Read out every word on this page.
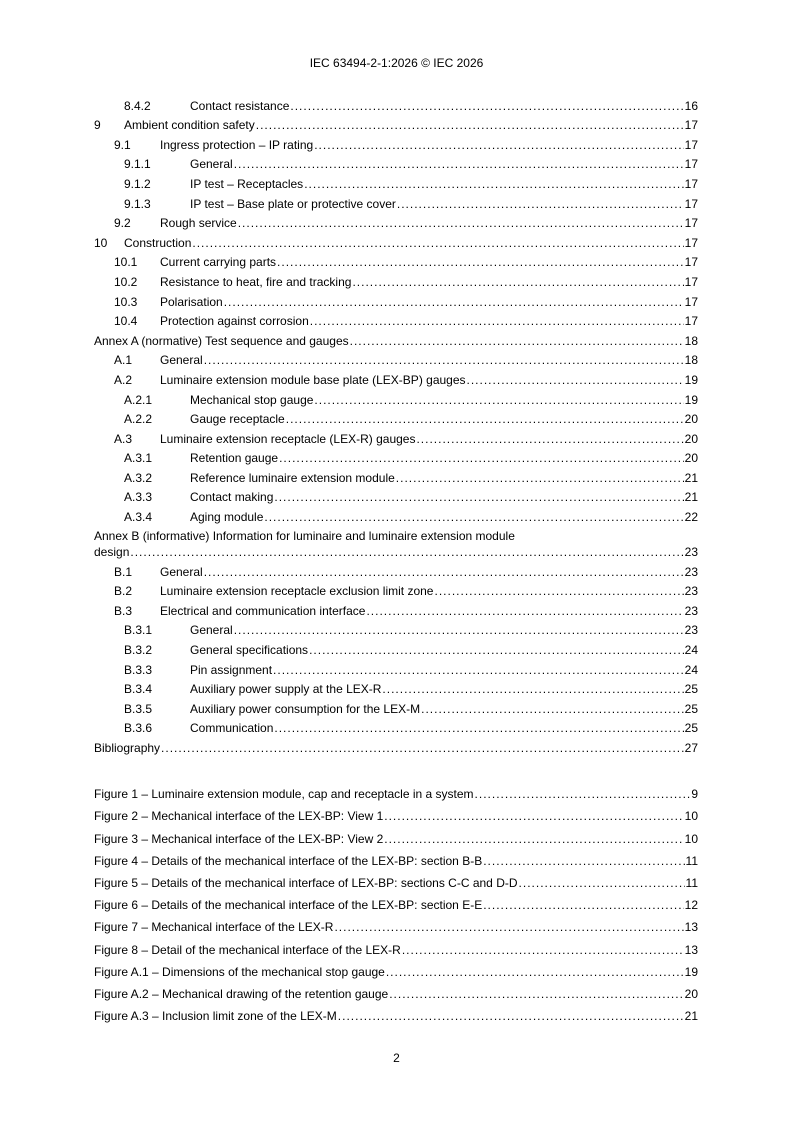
IEC 63494-2-1:2026 © IEC 2026
8.4.2	Contact resistance .....	16
9	Ambient condition safety .....	17
9.1	Ingress protection – IP rating .....	17
9.1.1	General .....	17
9.1.2	IP test – Receptacles .....	17
9.1.3	IP test – Base plate or protective cover .....	17
9.2	Rough service .....	17
10	Construction .....	17
10.1	Current carrying parts .....	17
10.2	Resistance to heat, fire and tracking .....	17
10.3	Polarisation .....	17
10.4	Protection against corrosion .....	17
Annex A (normative) Test sequence and gauges .....	18
A.1	General .....	18
A.2	Luminaire extension module base plate (LEX-BP) gauges .....	19
A.2.1	Mechanical stop gauge .....	19
A.2.2	Gauge receptacle .....	20
A.3	Luminaire extension receptacle (LEX-R) gauges .....	20
A.3.1	Retention gauge .....	20
A.3.2	Reference luminaire extension module .....	21
A.3.3	Contact making .....	21
A.3.4	Aging module .....	22
Annex B (informative) Information for luminaire and luminaire extension module
design .....	23
B.1	General .....	23
B.2	Luminaire extension receptacle exclusion limit zone .....	23
B.3	Electrical and communication interface .....	23
B.3.1	General .....	23
B.3.2	General specifications .....	24
B.3.3	Pin assignment .....	24
B.3.4	Auxiliary power supply at the LEX-R .....	25
B.3.5	Auxiliary power consumption for the LEX-M .....	25
B.3.6	Communication .....	25
Bibliography .....	27
Figure 1 – Luminaire extension module, cap and receptacle in a system .....	9
Figure 2 – Mechanical interface of the LEX-BP: View 1 .....	10
Figure 3 – Mechanical interface of the LEX-BP: View 2 .....	10
Figure 4 – Details of the mechanical interface of the LEX-BP: section B-B .....	11
Figure 5 – Details of the mechanical interface of LEX-BP: sections C-C and D-D .....	11
Figure 6 – Details of the mechanical interface of the LEX-BP: section E-E .....	12
Figure 7 – Mechanical interface of the LEX-R .....	13
Figure 8 – Detail of the mechanical interface of the LEX-R .....	13
Figure A.1 – Dimensions of the mechanical stop gauge .....	19
Figure A.2 – Mechanical drawing of the retention gauge .....	20
Figure A.3 – Inclusion limit zone of the LEX-M .....	21
2
